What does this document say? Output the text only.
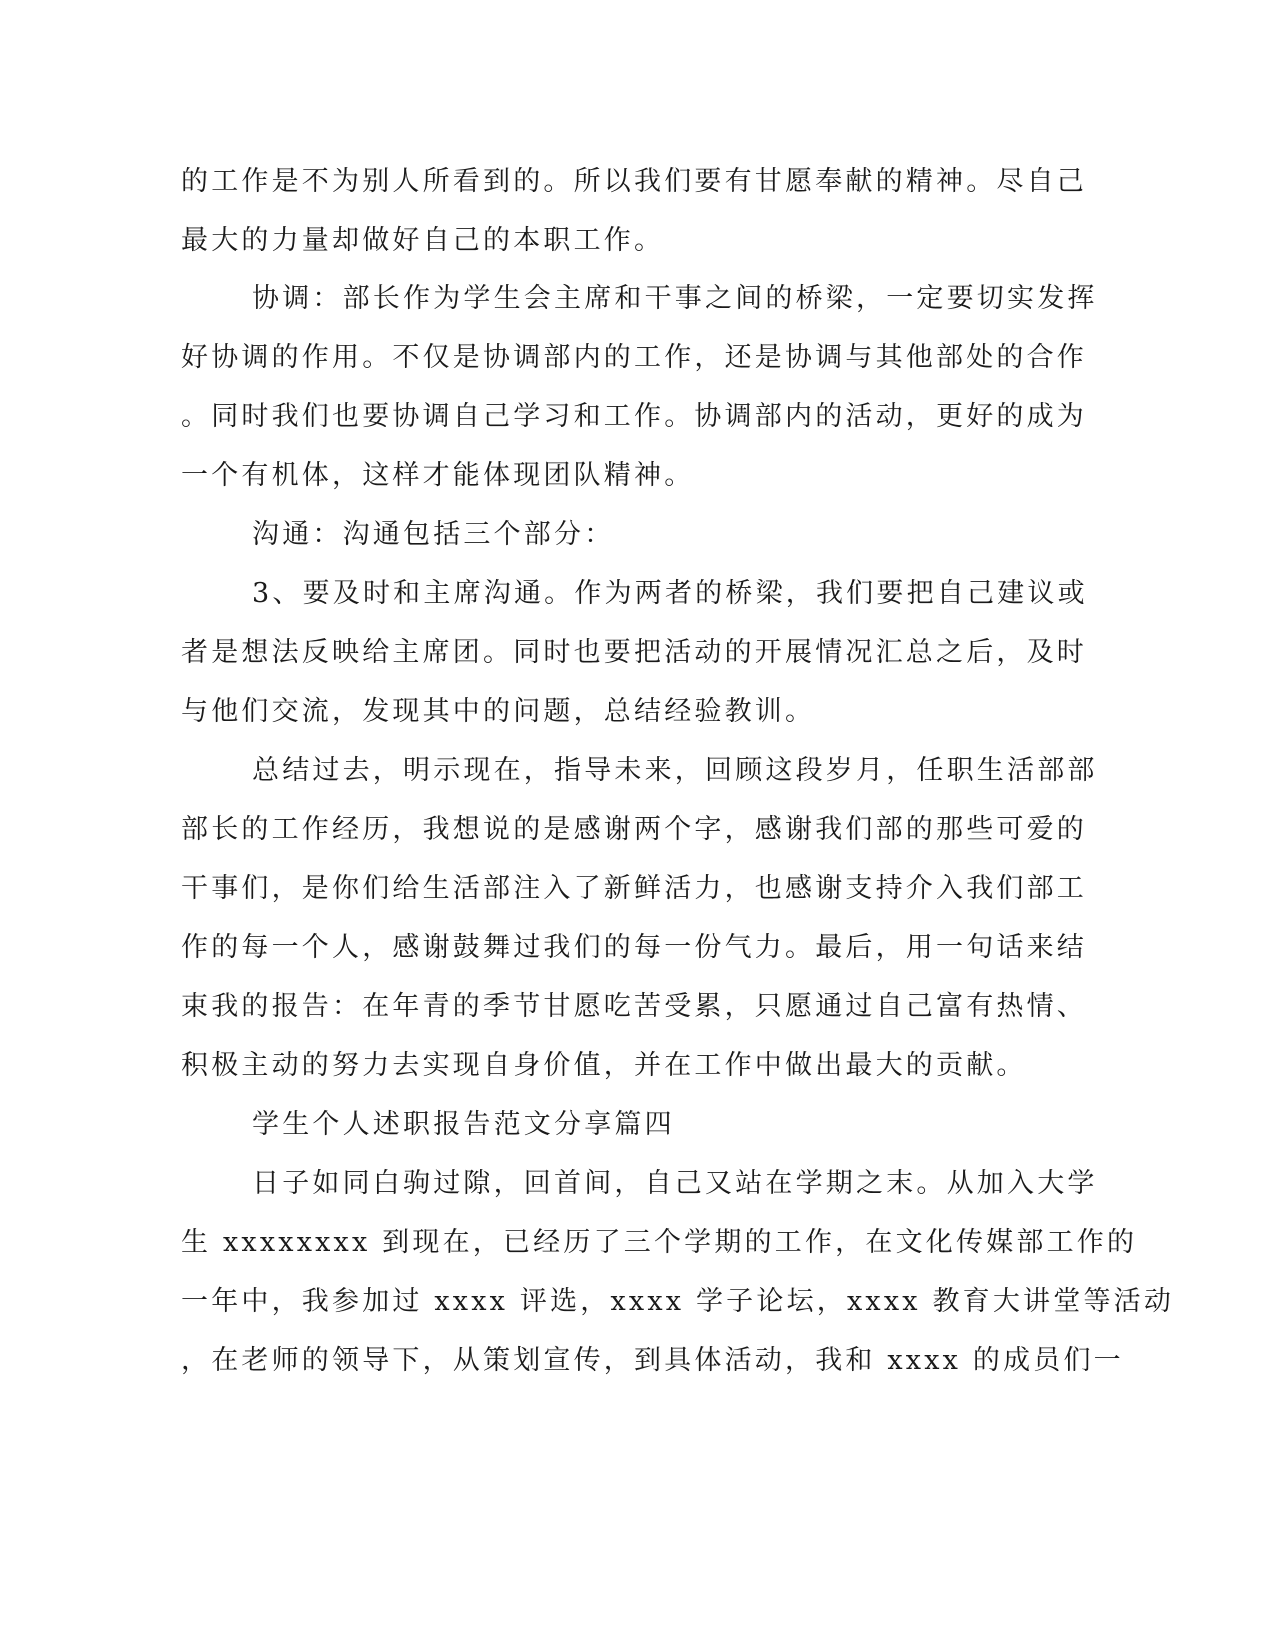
的工作是不为别人所看到的。所以我们要有甘愿奉献的精神。尽自己
最大的力量却做好自己的本职工作。
协调：部长作为学生会主席和干事之间的桥梁，一定要切实发挥
好协调的作用。不仅是协调部内的工作，还是协调与其他部处的合作
。同时我们也要协调自己学习和工作。协调部内的活动，更好的成为
一个有机体，这样才能体现团队精神。
沟通：沟通包括三个部分：
3、要及时和主席沟通。作为两者的桥梁，我们要把自己建议或
者是想法反映给主席团。同时也要把活动的开展情况汇总之后，及时
与他们交流，发现其中的问题，总结经验教训。
总结过去，明示现在，指导未来，回顾这段岁月，任职生活部部
部长的工作经历，我想说的是感谢两个字，感谢我们部的那些可爱的
干事们，是你们给生活部注入了新鲜活力，也感谢支持介入我们部工
作的每一个人，感谢鼓舞过我们的每一份气力。最后，用一句话来结
束我的报告：在年青的季节甘愿吃苦受累，只愿通过自己富有热情、
积极主动的努力去实现自身价值，并在工作中做出最大的贡献。
学生个人述职报告范文分享篇四
日子如同白驹过隙，回首间，自己又站在学期之末。从加入大学
生 xxxxxxxx 到现在，已经历了三个学期的工作，在文化传媒部工作的
一年中，我参加过 xxxx 评选，xxxx 学子论坛，xxxx 教育大讲堂等活动
，在老师的领导下，从策划宣传，到具体活动，我和 xxxx 的成员们一
